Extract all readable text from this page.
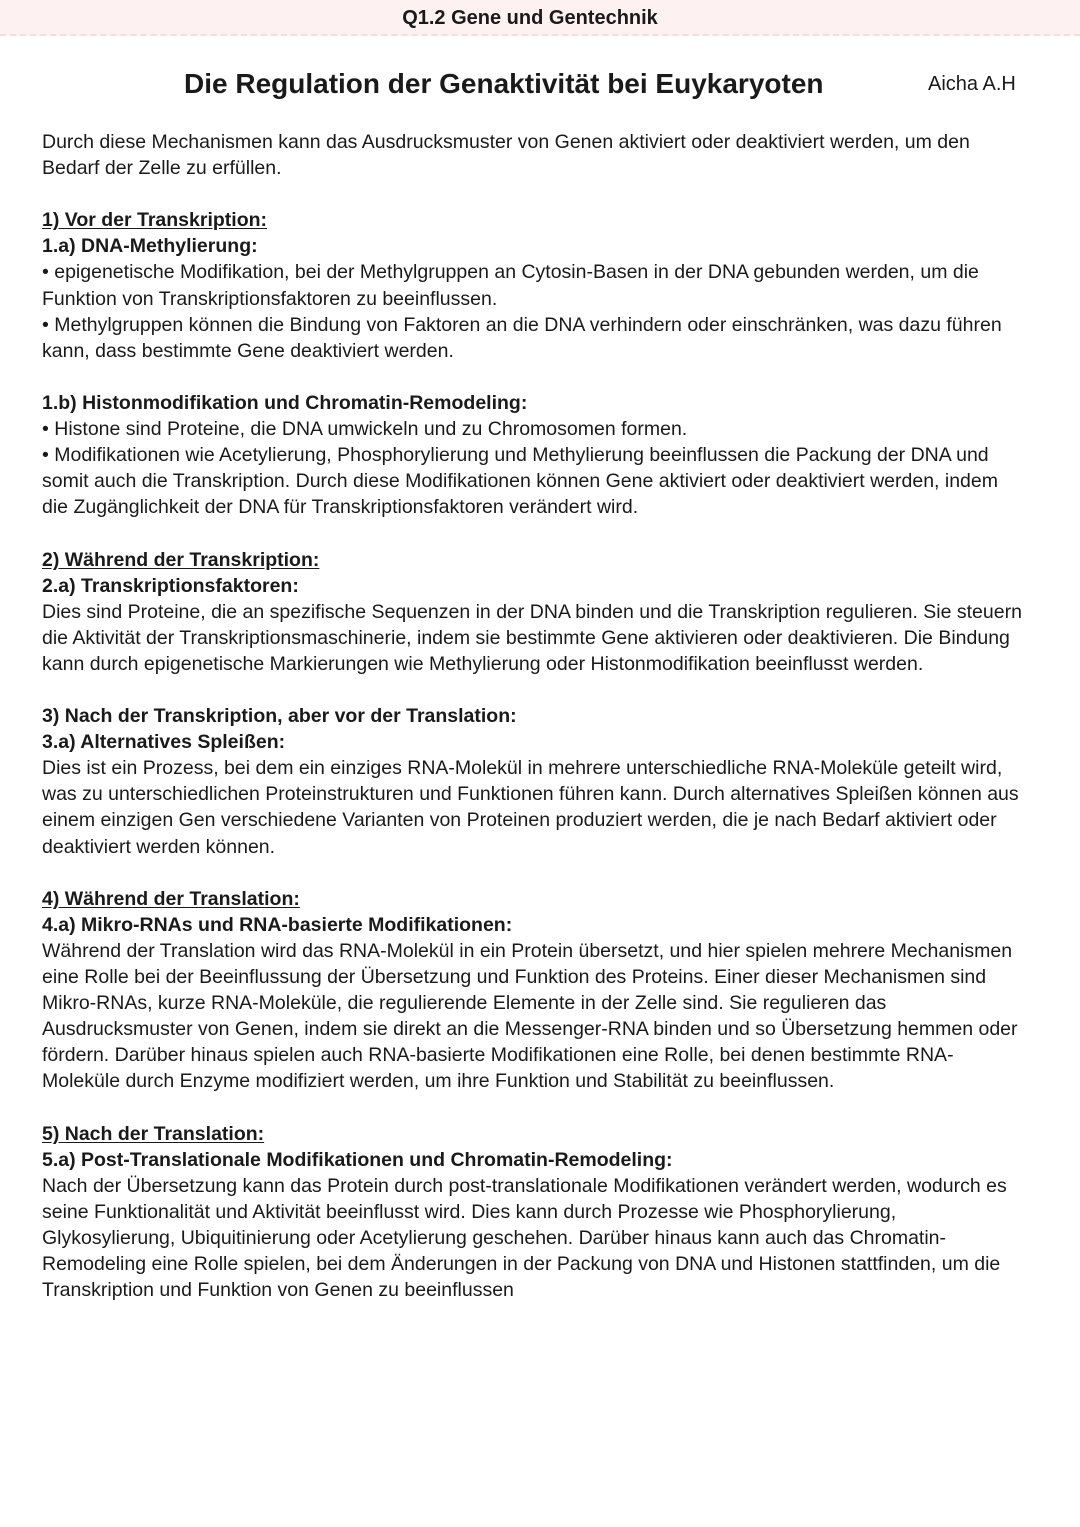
Q1.2 Gene und Gentechnik
Die Regulation der Genaktivität bei Euykaryoten	Aicha A.H

Durch diese Mechanismen kann das Ausdrucksmuster von Genen aktiviert oder deaktiviert werden, um den Bedarf der Zelle zu erfüllen.

1) Vor der Transkription:

1.a) DNA-Methylierung:

• epigenetische Modifikation, bei der Methylgruppen an Cytosin-Basen in der DNA gebunden werden, um die Funktion von Transkriptionsfaktoren zu beeinflussen.

• Methylgruppen können die Bindung von Faktoren an die DNA verhindern oder einschränken, was dazu führen kann, dass bestimmte Gene deaktiviert werden.

1.b) Histonmodifikation und Chromatin-Remodeling:

• Histone sind Proteine, die DNA umwickeln und zu Chromosomen formen.

• Modifikationen wie Acetylierung, Phosphorylierung und Methylierung beeinflussen die Packung der DNA und somit auch die Transkription. Durch diese Modifikationen können Gene aktiviert oder deaktiviert werden, indem die Zugänglichkeit der DNA für Transkriptionsfaktoren verändert wird.

2) Während der Transkription:

2.a) Transkriptionsfaktoren:

Dies sind Proteine, die an spezifische Sequenzen in der DNA binden und die Transkription regulieren. Sie steuern die Aktivität der Transkriptionsmaschinerie, indem sie bestimmte Gene aktivieren oder deaktivieren. Die Bindung kann durch epigenetische Markierungen wie Methylierung oder Histonmodifikation beeinflusst werden.

3) Nach der Transkription, aber vor der Translation:

3.a) Alternatives Spleißen:

Dies ist ein Prozess, bei dem ein einziges RNA-Molekül in mehrere unterschiedliche RNA-Moleküle geteilt wird, was zu unterschiedlichen Proteinstrukturen und Funktionen führen kann. Durch alternatives Spleißen können aus einem einzigen Gen verschiedene Varianten von Proteinen produziert werden, die je nach Bedarf aktiviert oder deaktiviert werden können.

4) Während der Translation:

4.a) Mikro-RNAs und RNA-basierte Modifikationen:

Während der Translation wird das RNA-Molekül in ein Protein übersetzt, und hier spielen mehrere Mechanismen eine Rolle bei der Beeinflussung der Übersetzung und Funktion des Proteins. Einer dieser Mechanismen sind Mikro-RNAs, kurze RNA-Moleküle, die regulierende Elemente in der Zelle sind. Sie regulieren das Ausdrucksmuster von Genen, indem sie direkt an die Messenger-RNA binden und so Übersetzung hemmen oder fördern. Darüber hinaus spielen auch RNA-basierte Modifikationen eine Rolle, bei denen bestimmte RNA-Moleküle durch Enzyme modifiziert werden, um ihre Funktion und Stabilität zu beeinflussen.

5) Nach der Translation:

5.a) Post-Translationale Modifikationen und Chromatin-Remodeling:

Nach der Übersetzung kann das Protein durch post-translationale Modifikationen verändert werden, wodurch es seine Funktionalität und Aktivität beeinflusst wird. Dies kann durch Prozesse wie Phosphorylierung, Glykosylierung, Ubiquitinierung oder Acetylierung geschehen. Darüber hinaus kann auch das Chromatin-Remodeling eine Rolle spielen, bei dem Änderungen in der Packung von DNA und Histonen stattfinden, um die Transkription und Funktion von Genen zu beeinflussen
